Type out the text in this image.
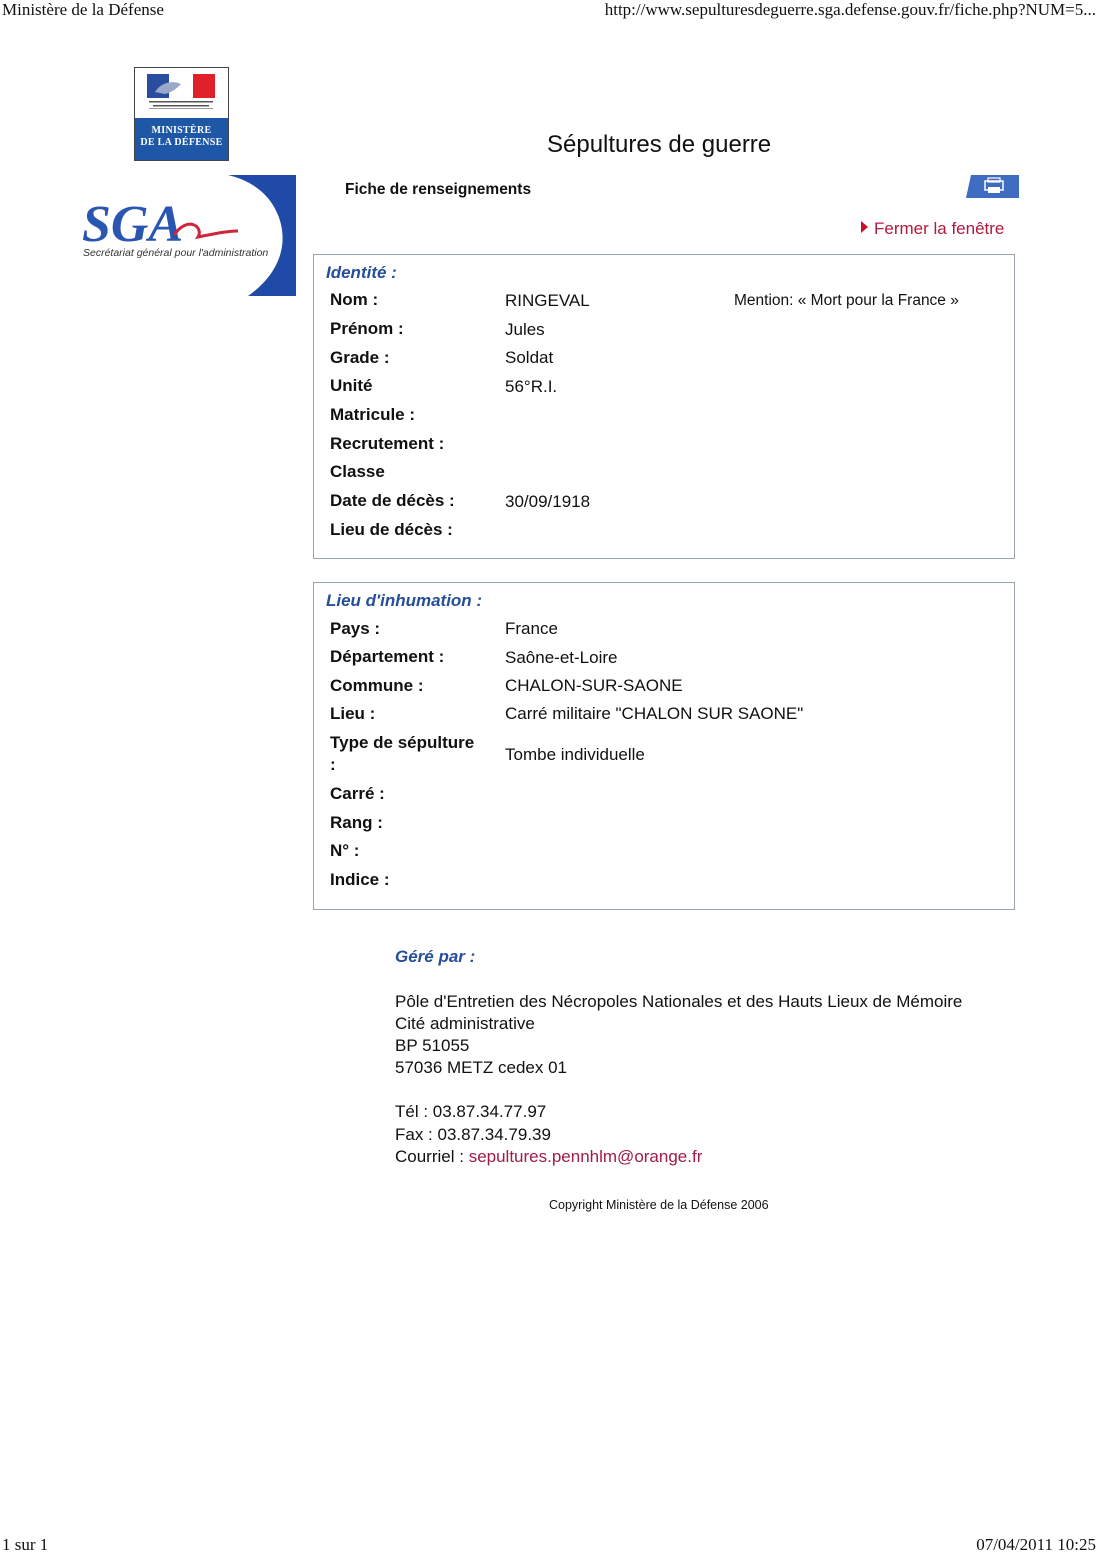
Ministère de la Défense	http://www.sepulturesdeguerre.sga.defense.gouv.fr/fiche.php?NUM=5...
1 sur 1	07/04/2011 10:25
MINISTÈRE
DE LA DÉFENSE
SGA
Secrétariat général pour l'administration
Sépultures de guerre
Fiche de renseignements
Fermer la fenêtre
Identité :
Mention: « Mort pour la France »
Nom :	RINGEVAL
Prénom :	Jules
Grade :	Soldat
Unité	56°R.I.
Matricule :
Recrutement :
Classe
Date de décès :	30/09/1918
Lieu de décès :
Lieu d'inhumation :
Pays :	France
Département :	Saône-et-Loire
Commune :	CHALON-SUR-SAONE
Lieu :	Carré militaire "CHALON SUR SAONE"
Type de sépulture
:
Tombe individuelle
Carré :
Rang :
N° :
Indice :
Géré par :
Pôle d'Entretien des Nécropoles Nationales et des Hauts Lieux de Mémoire
Cité administrative
BP 51055
57036 METZ cedex 01
Tél : 03.87.34.77.97
Fax : 03.87.34.79.39
Courriel : sepultures.pennhlm@orange.fr
Copyright Ministère de la Défense 2006
